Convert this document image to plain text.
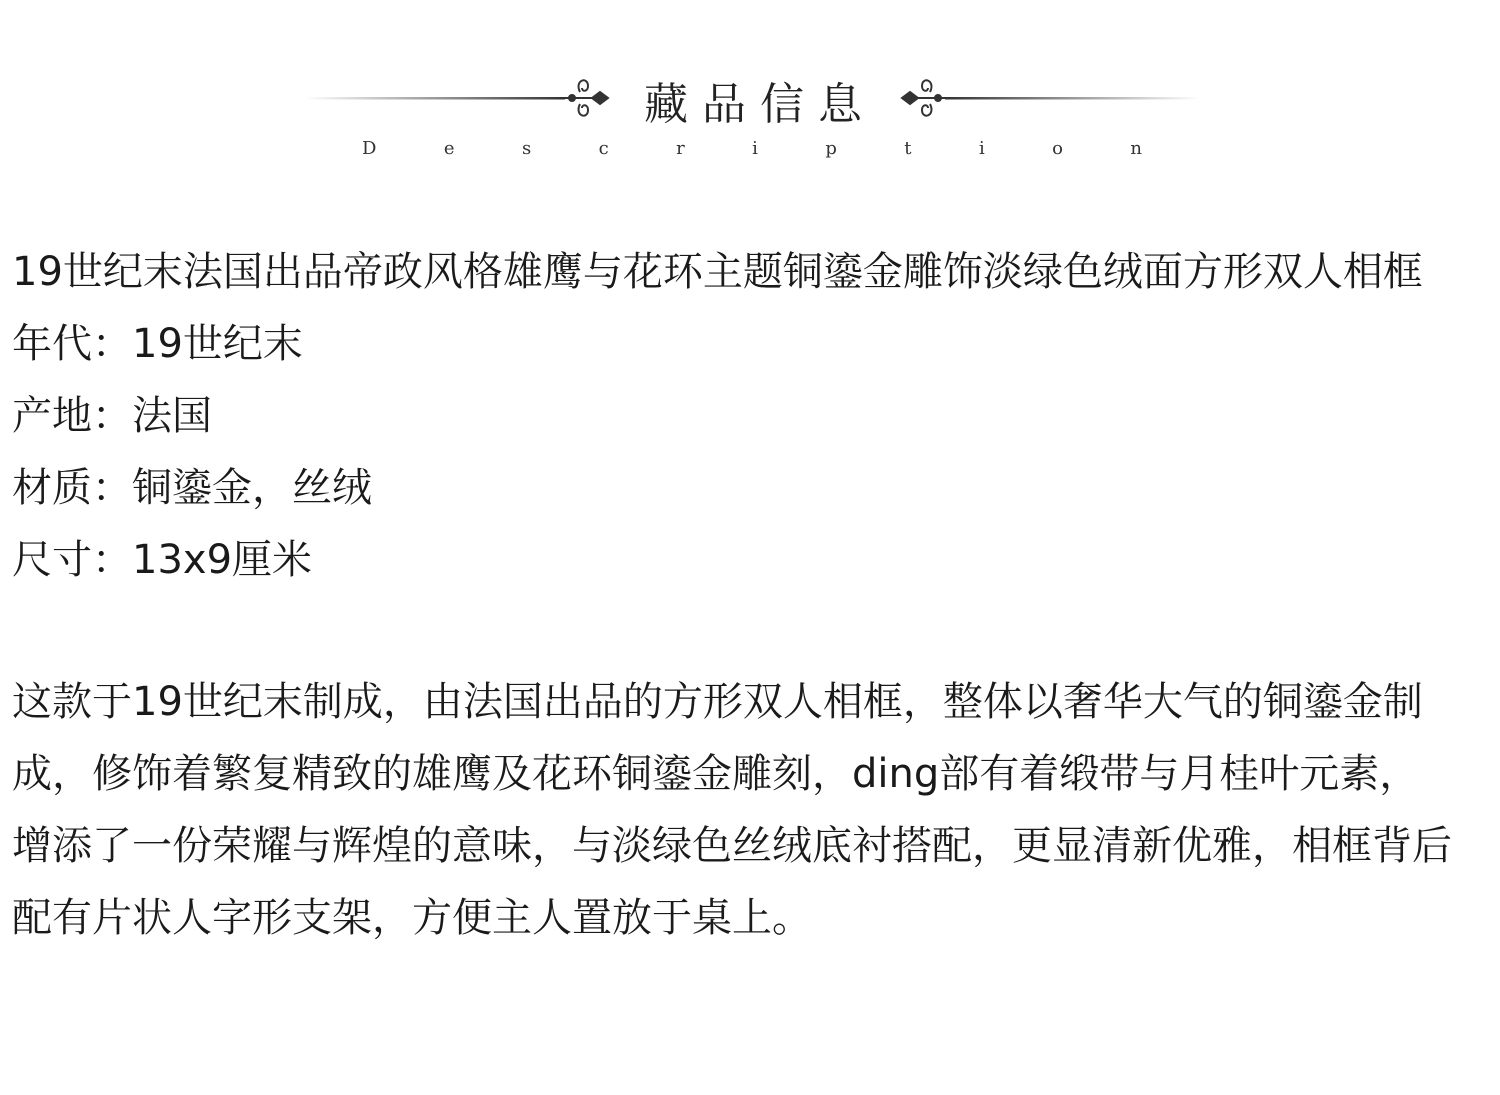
藏品信息
D	e	s	c	r	i	p	t	i	o	n

19世纪末法国出品帝政风格雄鹰与花环主题铜鎏金雕饰淡绿色绒面方形双人相框

年代：19世纪末
产地：法国
材质：铜鎏金，丝绒
尺寸：13x9厘米

这款于19世纪末制成，由法国出品的方形双人相框，整体以奢华大气的铜鎏金制成，修饰着繁复精致的雄鹰及花环铜鎏金雕刻，ding部有着缎带与月桂叶元素，增添了一份荣耀与辉煌的意味，与淡绿色丝绒底衬搭配，更显清新优雅，相框背后配有片状人字形支架，方便主人置放于桌上。
